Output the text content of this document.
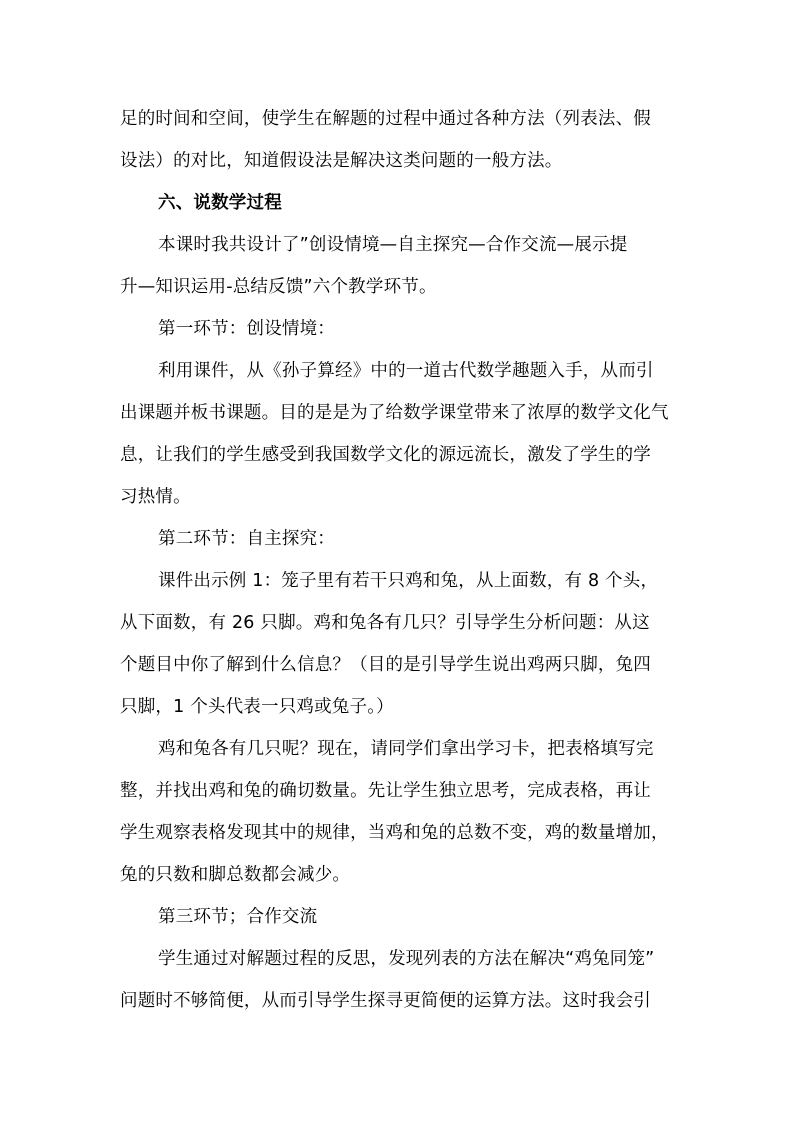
足的时间和空间，使学生在解题的过程中通过各种方法（列表法、假
设法）的对比，知道假设法是解决这类问题的一般方法。
六、说数学过程
本课时我共设计了”创设情境—自主探究—合作交流—展示提
升—知识运用-总结反馈”六个教学环节。
第一环节：创设情境：
利用课件，从《孙子算经》中的一道古代数学趣题入手，从而引
出课题并板书课题。目的是是为了给数学课堂带来了浓厚的数学文化气
息，让我们的学生感受到我国数学文化的源远流长，激发了学生的学
习热情。
第二环节：自主探究：
课件出示例 1：笼子里有若干只鸡和兔，从上面数，有 8 个头，
从下面数，有 26 只脚。鸡和兔各有几只？引导学生分析问题：从这
个题目中你了解到什么信息？（目的是引导学生说出鸡两只脚，兔四
只脚，1 个头代表一只鸡或兔子。）
鸡和兔各有几只呢？现在，请同学们拿出学习卡，把表格填写完
整，并找出鸡和兔的确切数量。先让学生独立思考，完成表格，再让
学生观察表格发现其中的规律，当鸡和兔的总数不变，鸡的数量增加，
兔的只数和脚总数都会减少。
第三环节；合作交流
学生通过对解题过程的反思，发现列表的方法在解决“鸡兔同笼”
问题时不够简便，从而引导学生探寻更简便的运算方法。这时我会引
